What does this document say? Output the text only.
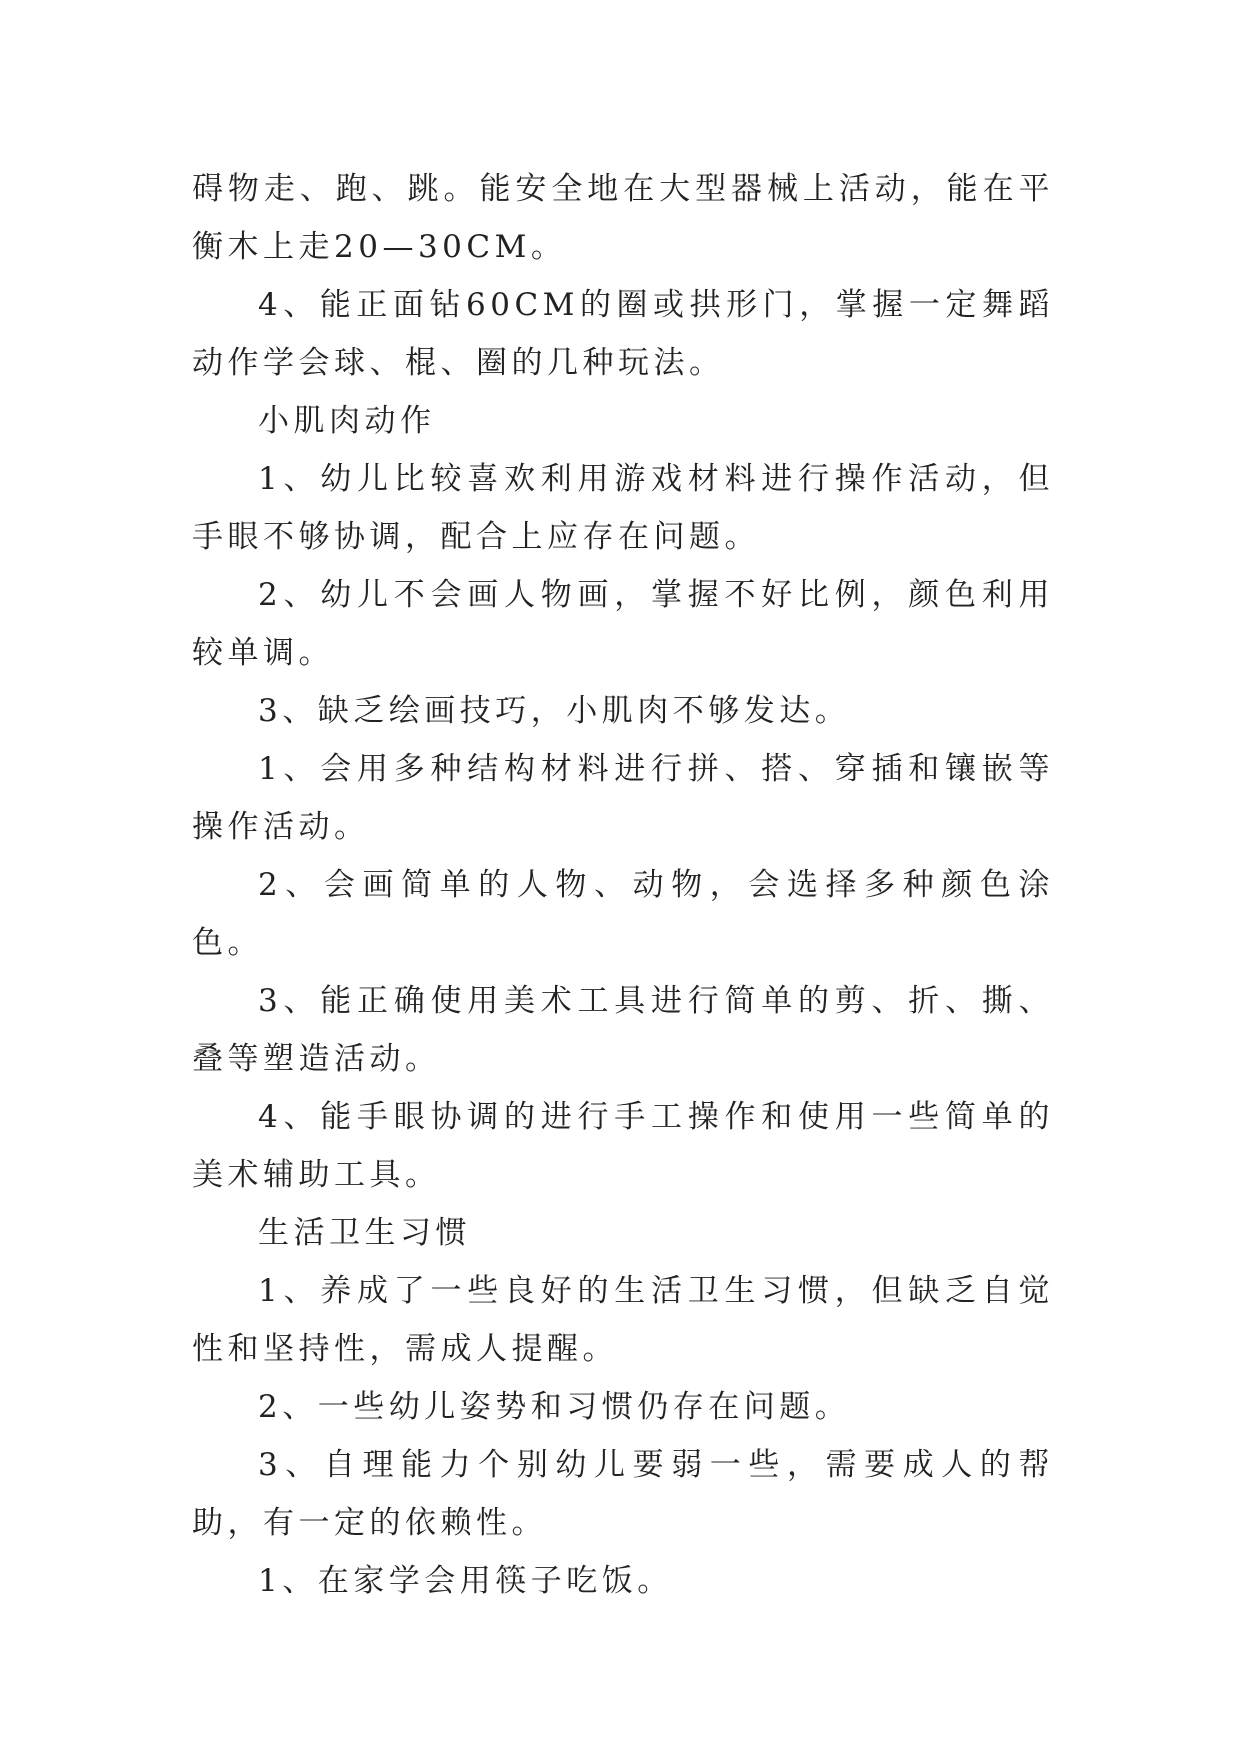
碍物走、跑、跳。能安全地在大型器械上活动，能在平衡木上走20—30CM。

4、能正面钻60CM的圈或拱形门，掌握一定舞蹈动作学会球、棍、圈的几种玩法。

小肌肉动作

1、幼儿比较喜欢利用游戏材料进行操作活动，但手眼不够协调，配合上应存在问题。

2、幼儿不会画人物画，掌握不好比例，颜色利用较单调。

3、缺乏绘画技巧，小肌肉不够发达。

1、会用多种结构材料进行拼、搭、穿插和镶嵌等操作活动。

2、会画简单的人物、动物，会选择多种颜色涂色。

3、能正确使用美术工具进行简单的剪、折、撕、叠等塑造活动。

4、能手眼协调的进行手工操作和使用一些简单的美术辅助工具。

生活卫生习惯

1、养成了一些良好的生活卫生习惯，但缺乏自觉性和坚持性，需成人提醒。

2、一些幼儿姿势和习惯仍存在问题。

3、自理能力个别幼儿要弱一些，需要成人的帮助，有一定的依赖性。

1、在家学会用筷子吃饭。
